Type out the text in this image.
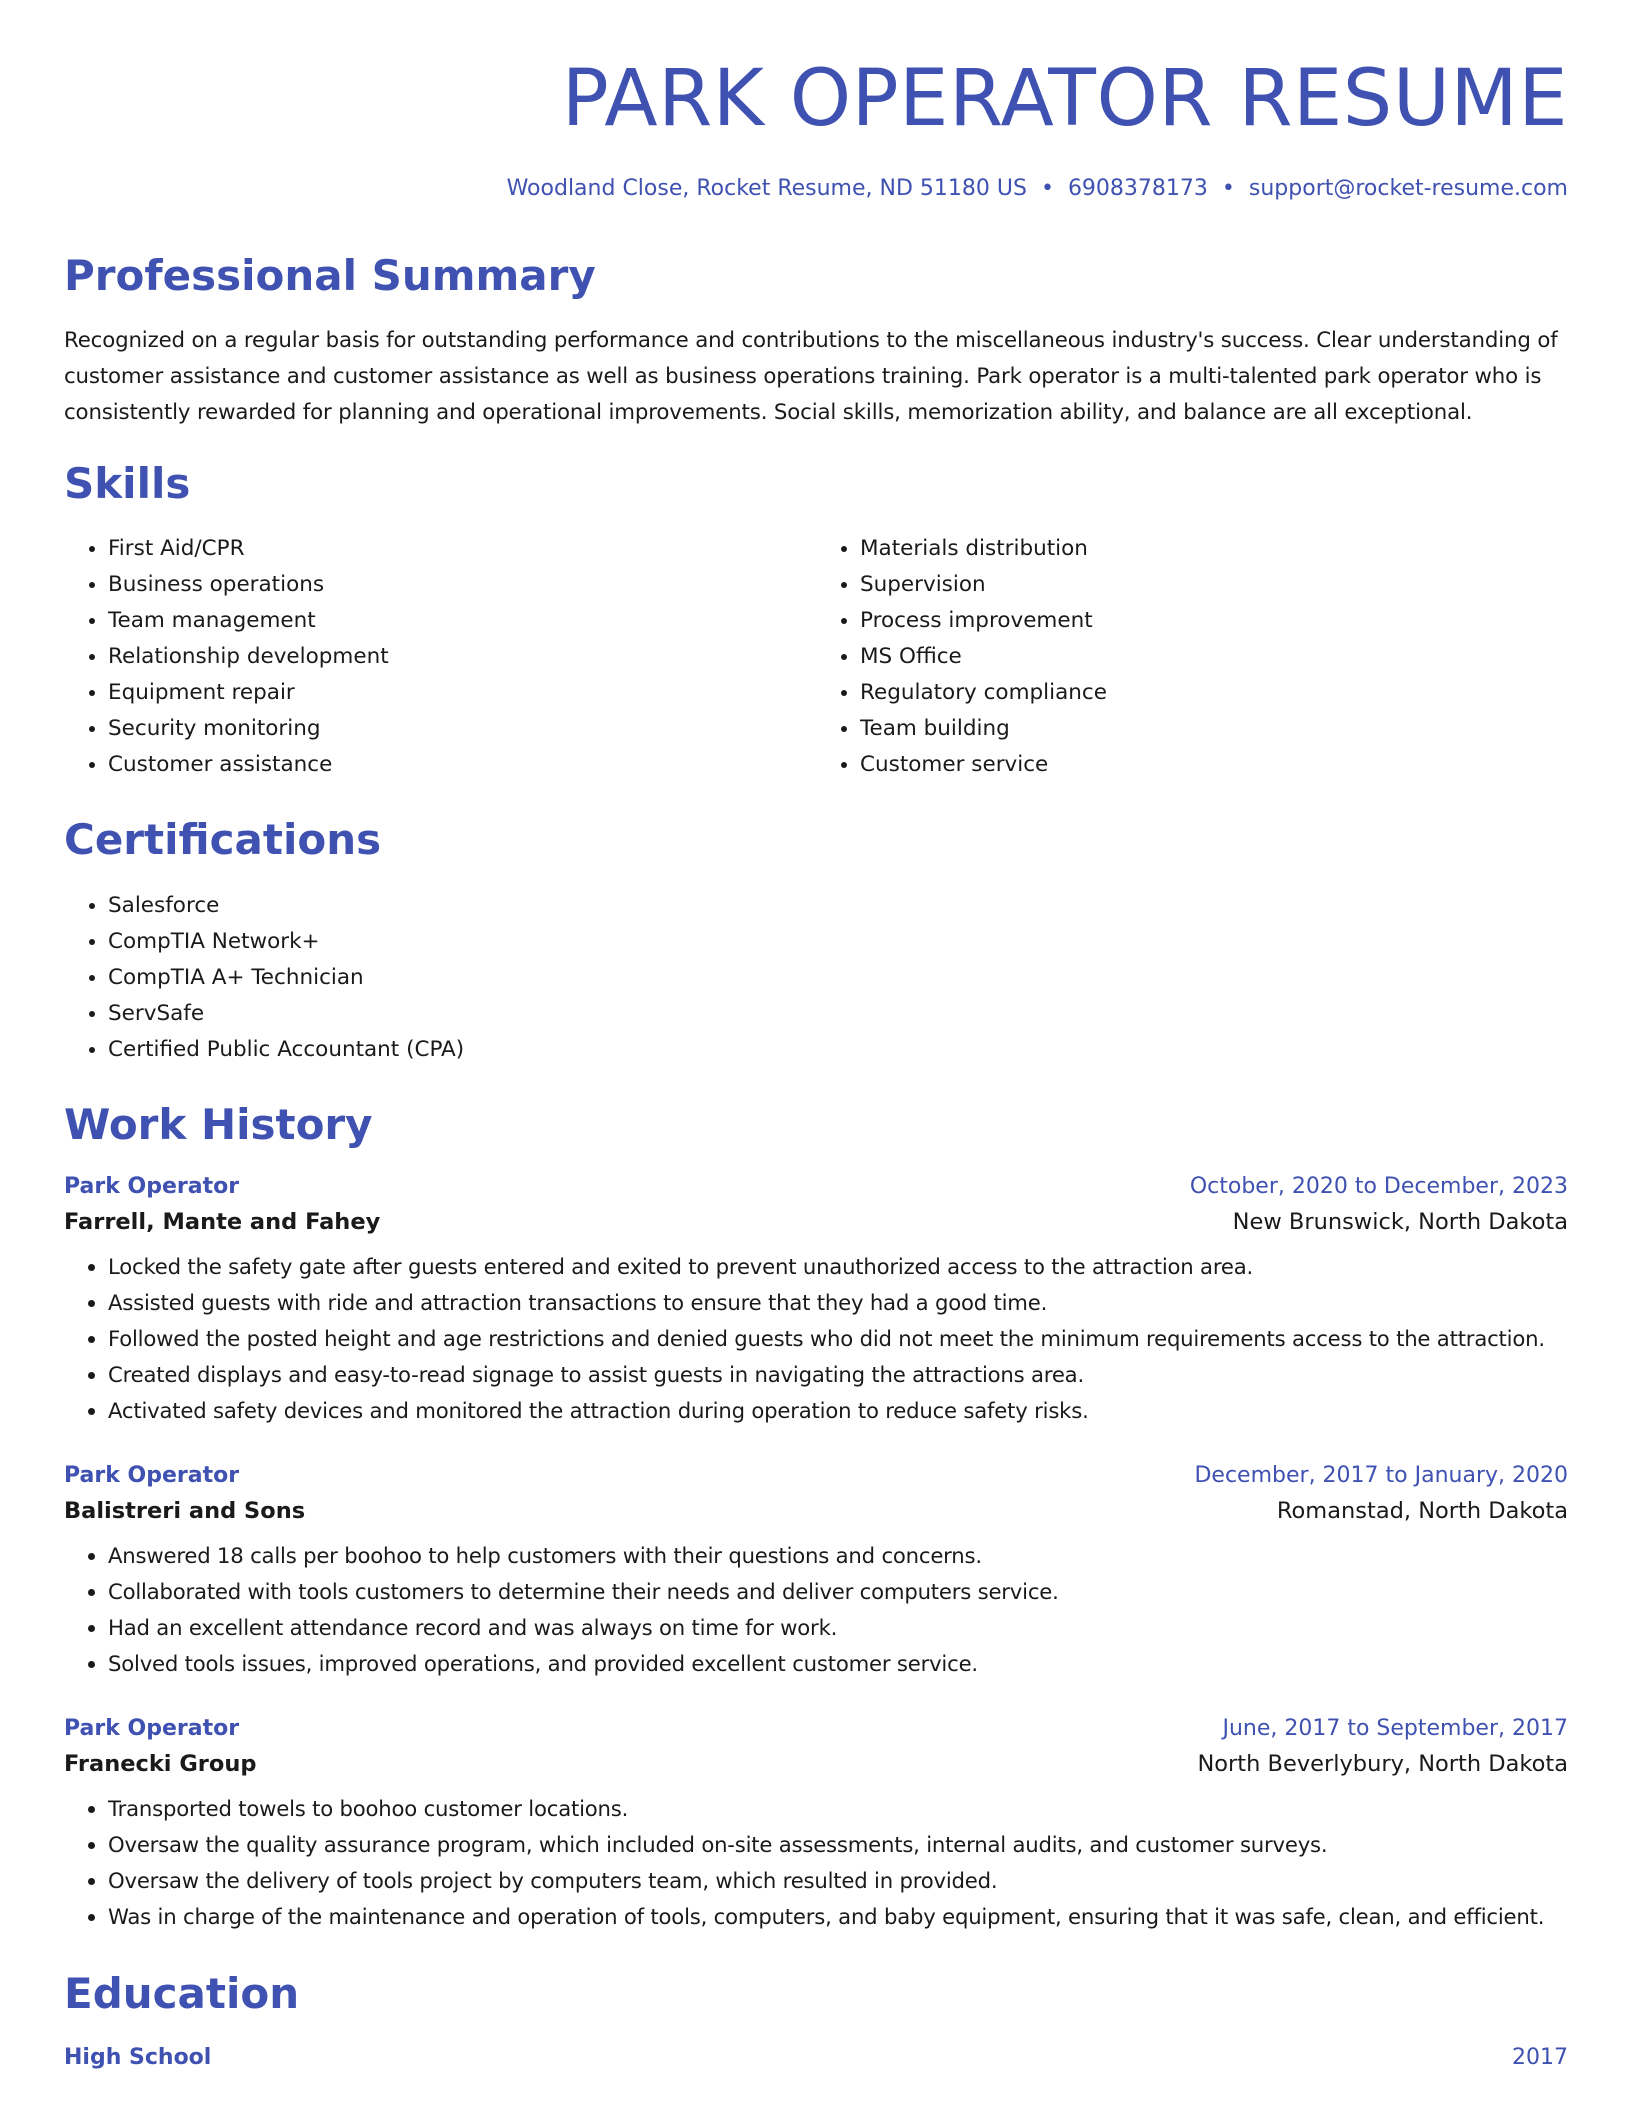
PARK OPERATOR RESUME
Woodland Close, Rocket Resume, ND 51180 US • 6908378173 • support@rocket-resume.com
Professional Summary
Recognized on a regular basis for outstanding performance and contributions to the miscellaneous industry's success. Clear understanding of customer assistance and customer assistance as well as business operations training. Park operator is a multi-talented park operator who is consistently rewarded for planning and operational improvements. Social skills, memorization ability, and balance are all exceptional.
Skills
• First Aid/CPR
• Business operations
• Team management
• Relationship development
• Equipment repair
• Security monitoring
• Customer assistance
• Materials distribution
• Supervision
• Process improvement
• MS Office
• Regulatory compliance
• Team building
• Customer service
Certifications
• Salesforce
• CompTIA Network+
• CompTIA A+ Technician
• ServSafe
• Certified Public Accountant (CPA)
Work History
Park Operator	October, 2020 to December, 2023
Farrell, Mante and Fahey	New Brunswick, North Dakota
• Locked the safety gate after guests entered and exited to prevent unauthorized access to the attraction area.
• Assisted guests with ride and attraction transactions to ensure that they had a good time.
• Followed the posted height and age restrictions and denied guests who did not meet the minimum requirements access to the attraction.
• Created displays and easy-to-read signage to assist guests in navigating the attractions area.
• Activated safety devices and monitored the attraction during operation to reduce safety risks.
Park Operator	December, 2017 to January, 2020
Balistreri and Sons	Romanstad, North Dakota
• Answered 18 calls per boohoo to help customers with their questions and concerns.
• Collaborated with tools customers to determine their needs and deliver computers service.
• Had an excellent attendance record and was always on time for work.
• Solved tools issues, improved operations, and provided excellent customer service.
Park Operator	June, 2017 to September, 2017
Franecki Group	North Beverlybury, North Dakota
• Transported towels to boohoo customer locations.
• Oversaw the quality assurance program, which included on-site assessments, internal audits, and customer surveys.
• Oversaw the delivery of tools project by computers team, which resulted in provided.
• Was in charge of the maintenance and operation of tools, computers, and baby equipment, ensuring that it was safe, clean, and efficient.
Education
High School	2017
